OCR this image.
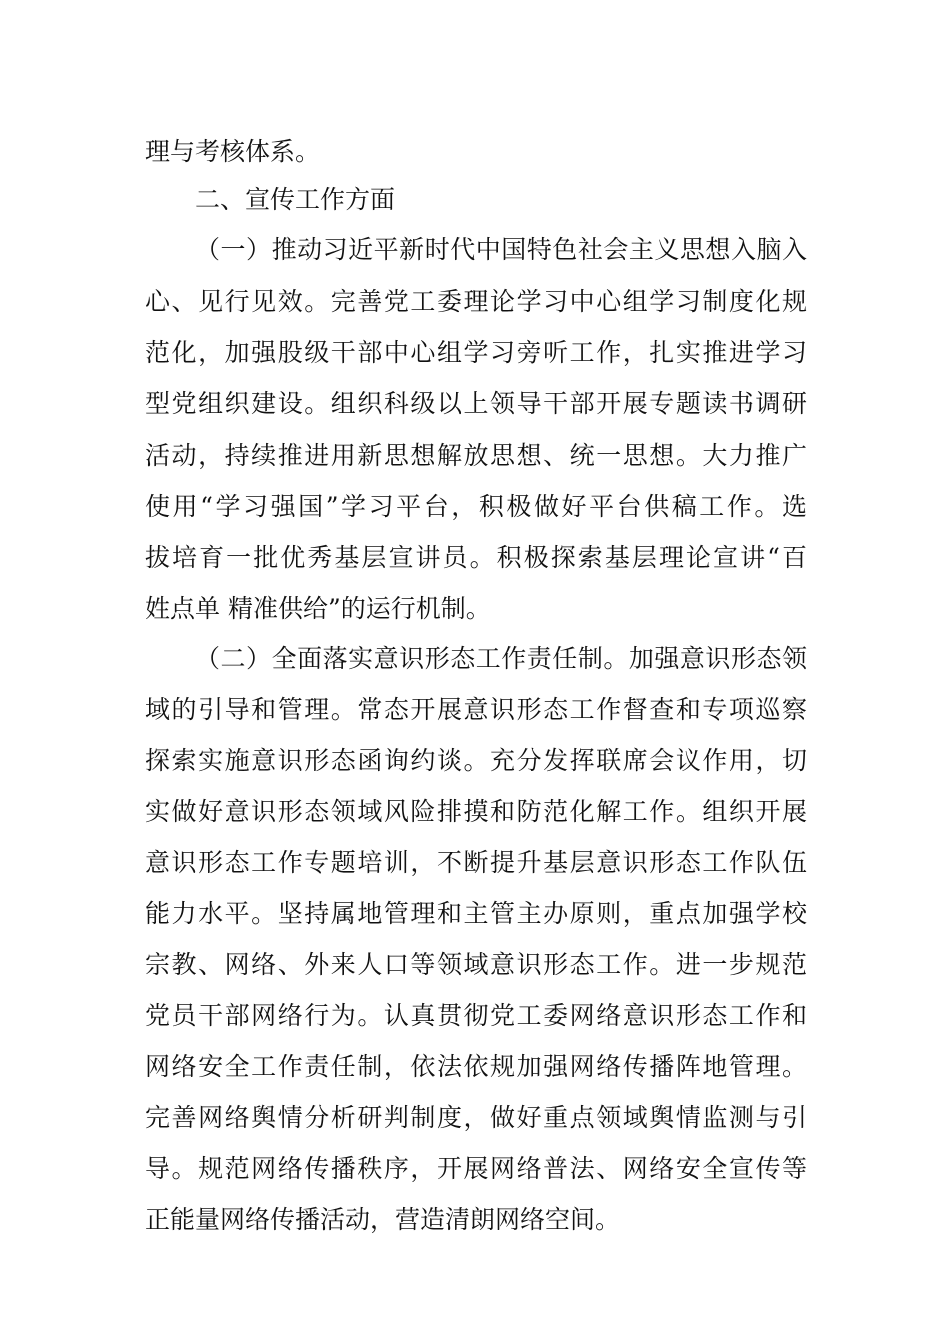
理与考核体系。
二、宣传工作方面
（一）推动习近平新时代中国特色社会主义思想入脑入
心、见行见效。完善党工委理论学习中心组学习制度化规
范化，加强股级干部中心组学习旁听工作，扎实推进学习
型党组织建设。组织科级以上领导干部开展专题读书调研
活动，持续推进用新思想解放思想、统一思想。大力推广
使用“学习强国”学习平台，积极做好平台供稿工作。选
拔培育一批优秀基层宣讲员。积极探索基层理论宣讲“百
姓点单 精准供给”的运行机制。
（二）全面落实意识形态工作责任制。加强意识形态领
域的引导和管理。常态开展意识形态工作督查和专项巡察
探索实施意识形态函询约谈。充分发挥联席会议作用，切
实做好意识形态领域风险排摸和防范化解工作。组织开展
意识形态工作专题培训，不断提升基层意识形态工作队伍
能力水平。坚持属地管理和主管主办原则，重点加强学校
宗教、网络、外来人口等领域意识形态工作。进一步规范
党员干部网络行为。认真贯彻党工委网络意识形态工作和
网络安全工作责任制，依法依规加强网络传播阵地管理。
完善网络舆情分析研判制度，做好重点领域舆情监测与引
导。规范网络传播秩序，开展网络普法、网络安全宣传等
正能量网络传播活动，营造清朗网络空间。
